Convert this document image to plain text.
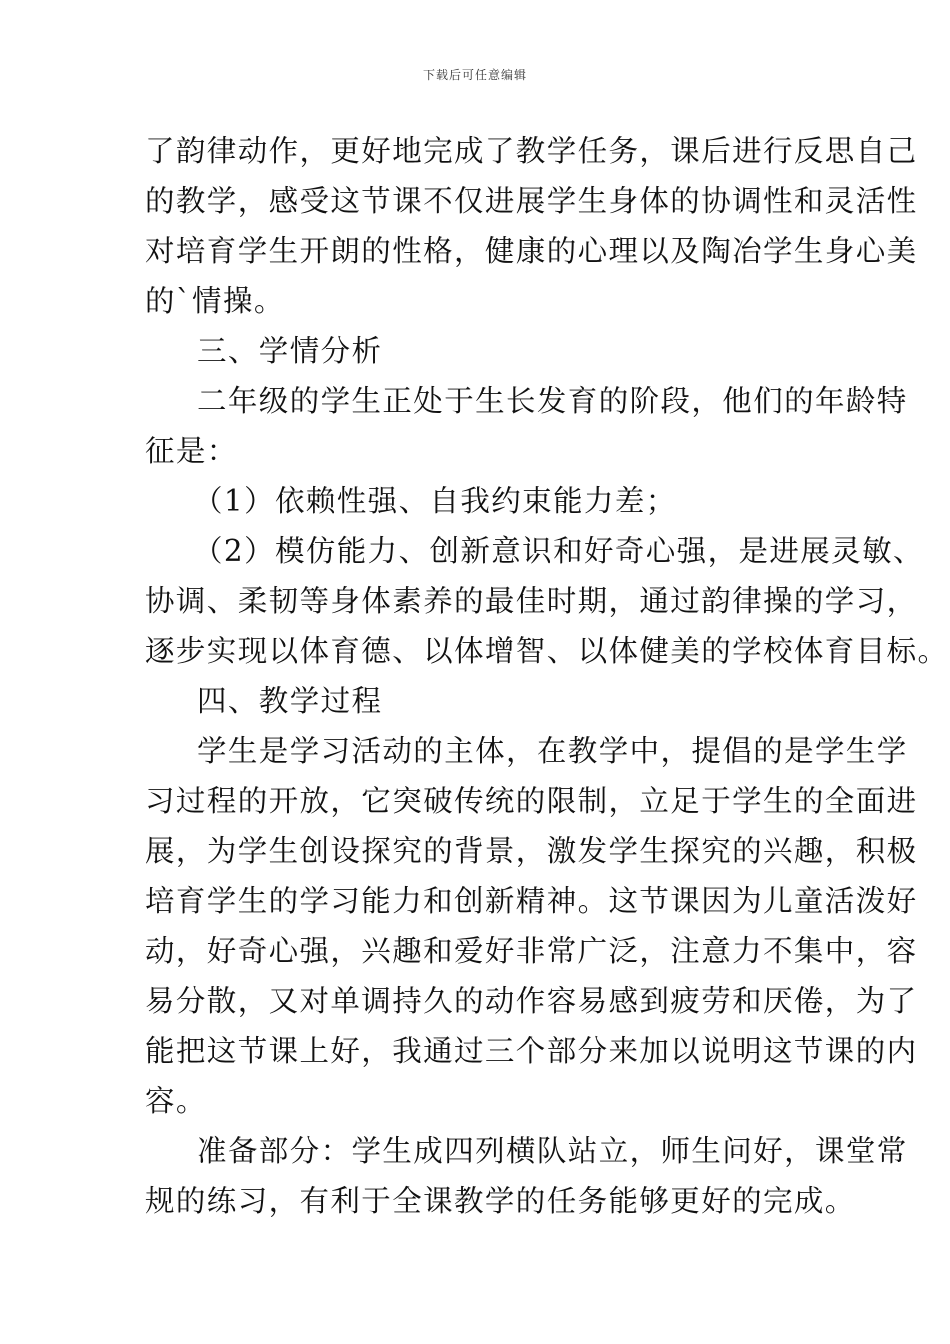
下载后可任意编辑
了韵律动作，更好地完成了教学任务，课后进行反思自己
的教学，感受这节课不仅进展学生身体的协调性和灵活性
对培育学生开朗的性格，健康的心理以及陶冶学生身心美
的`情操。
三、学情分析
二年级的学生正处于生长发育的阶段，他们的年龄特
征是：
（1）依赖性强、自我约束能力差；
（2）模仿能力、创新意识和好奇心强，是进展灵敏、
协调、柔韧等身体素养的最佳时期，通过韵律操的学习，
逐步实现以体育德、以体增智、以体健美的学校体育目标。
四、教学过程
学生是学习活动的主体，在教学中，提倡的是学生学
习过程的开放，它突破传统的限制，立足于学生的全面进
展，为学生创设探究的背景，激发学生探究的兴趣，积极
培育学生的学习能力和创新精神。这节课因为儿童活泼好
动，好奇心强，兴趣和爱好非常广泛，注意力不集中，容
易分散，又对单调持久的动作容易感到疲劳和厌倦，为了
能把这节课上好，我通过三个部分来加以说明这节课的内
容。
准备部分：学生成四列横队站立，师生问好，课堂常
规的练习，有利于全课教学的任务能够更好的完成。
